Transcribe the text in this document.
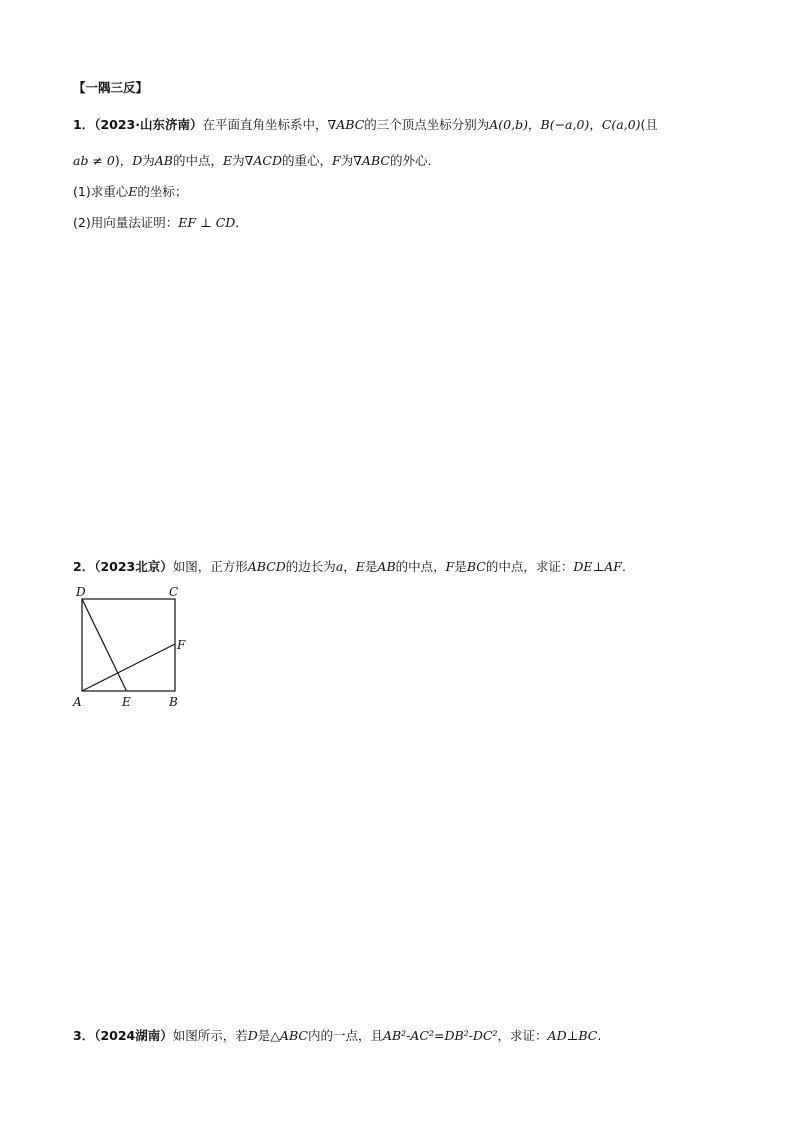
【一隅三反】
1．（2023·山东济南）在平面直角坐标系中，∇ABC的三个顶点坐标分别为A(0,b)，B(−a,0)，C(a,0)(且
ab ≠ 0)，D为AB的中点，E为∇ACD的重心，F为∇ABC的外心．
(1)求重心E的坐标；
(2)用向量法证明：EF ⊥ CD．
2．（2023北京）如图，正方形ABCD的边长为a，E是AB的中点，F是BC的中点，求证：DE⊥AF.
D	C
F
A	E	B
3．（2024湖南）如图所示，若D是△ABC内的一点，且AB²-AC²=DB²-DC²，求证：AD⊥BC.
